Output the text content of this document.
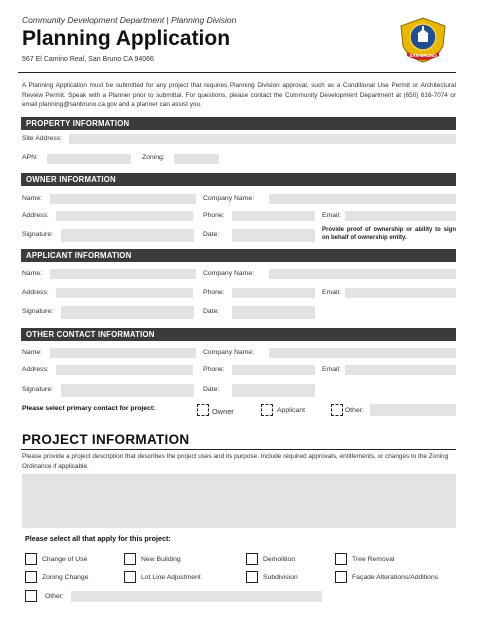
Community Development Department | Planning Division
Planning Application
567 El Camino Real, San Bruno CA 94066
SAN BRUNO
A Planning Application must be submitted for any project that requires Planning Division approval, such as a Conditional Use Permit or Architectural Review Permit. Speak with a Planner prior to submittal. For questions, please contact the Community Development Department at (650) 616-7074 or email planning@sanbruno.ca.gov and a planner can assist you.
PROPERTY INFORMATION
Site Address:
APN:	Zoning:
OWNER INFORMATION
Name:	Company Name:
Address:	Phone:	Email:
Signature:	Date:
Provide proof of ownership or ability to sign on behalf of ownership entity.
APPLICANT INFORMATION
Name:	Company Name:
Address:	Phone:	Email:
Signature:	Date:
OTHER CONTACT INFORMATION
Name:	Company Name:
Address:	Phone:	Email:
Signature:	Date:
Please select primary contact for project:	Owner	Applicant	Other:
PROJECT INFORMATION
Please provide a project description that describes the project uses and its purpose. Include required approvals, entitlements, or changes to the Zoning Ordinance if applicable.
Please select all that apply for this project:
Change of Use	New Building	Demolition	Tree Removal
Zoning Change	Lot Line Adjustment	Subdivision	Façade Alterations/Additions
Other:
